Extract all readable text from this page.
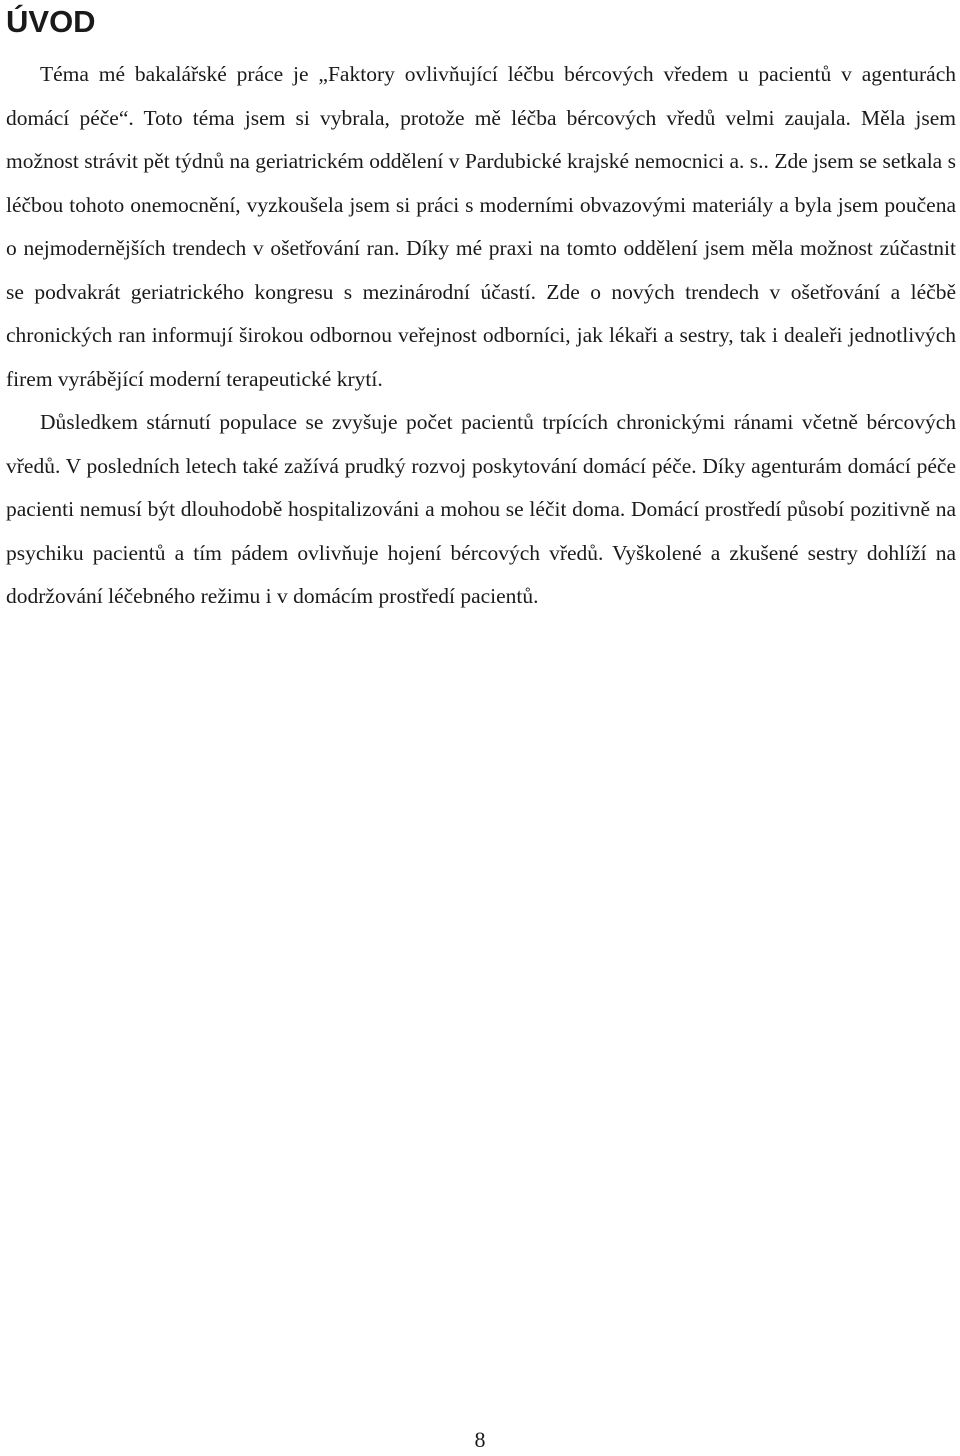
ÚVOD

Téma mé bakalářské práce je „Faktory ovlivňující léčbu bércových vředem u pacientů v agenturách domácí péče“. Toto téma jsem si vybrala, protože mě léčba bércových vředů velmi zaujala. Měla jsem možnost strávit pět týdnů na geriatrickém oddělení v Pardubické krajské nemocnici a. s.. Zde jsem se setkala s léčbou tohoto onemocnění, vyzkoušela jsem si práci s moderními obvazovými materiály a byla jsem poučena o nejmodernějších trendech v ošetřování ran. Díky mé praxi na tomto oddělení jsem měla možnost zúčastnit se podvakrát geriatrického kongresu s mezinárodní účastí. Zde o nových trendech v ošetřování a léčbě chronických ran informují širokou odbornou veřejnost odborníci, jak lékaři a sestry, tak i dealeři jednotlivých firem vyrábějící moderní terapeutické krytí.

Důsledkem stárnutí populace se zvyšuje počet pacientů trpících chronickými ránami včetně bércových vředů. V posledních letech také zažívá prudký rozvoj poskytování domácí péče. Díky agenturám domácí péče pacienti nemusí být dlouhodobě hospitalizováni a mohou se léčit doma. Domácí prostředí působí pozitivně na psychiku pacientů a tím pádem ovlivňuje hojení bércových vředů. Vyškolené a zkušené sestry dohlíží na dodržování léčebného režimu i v domácím prostředí pacientů.

8
